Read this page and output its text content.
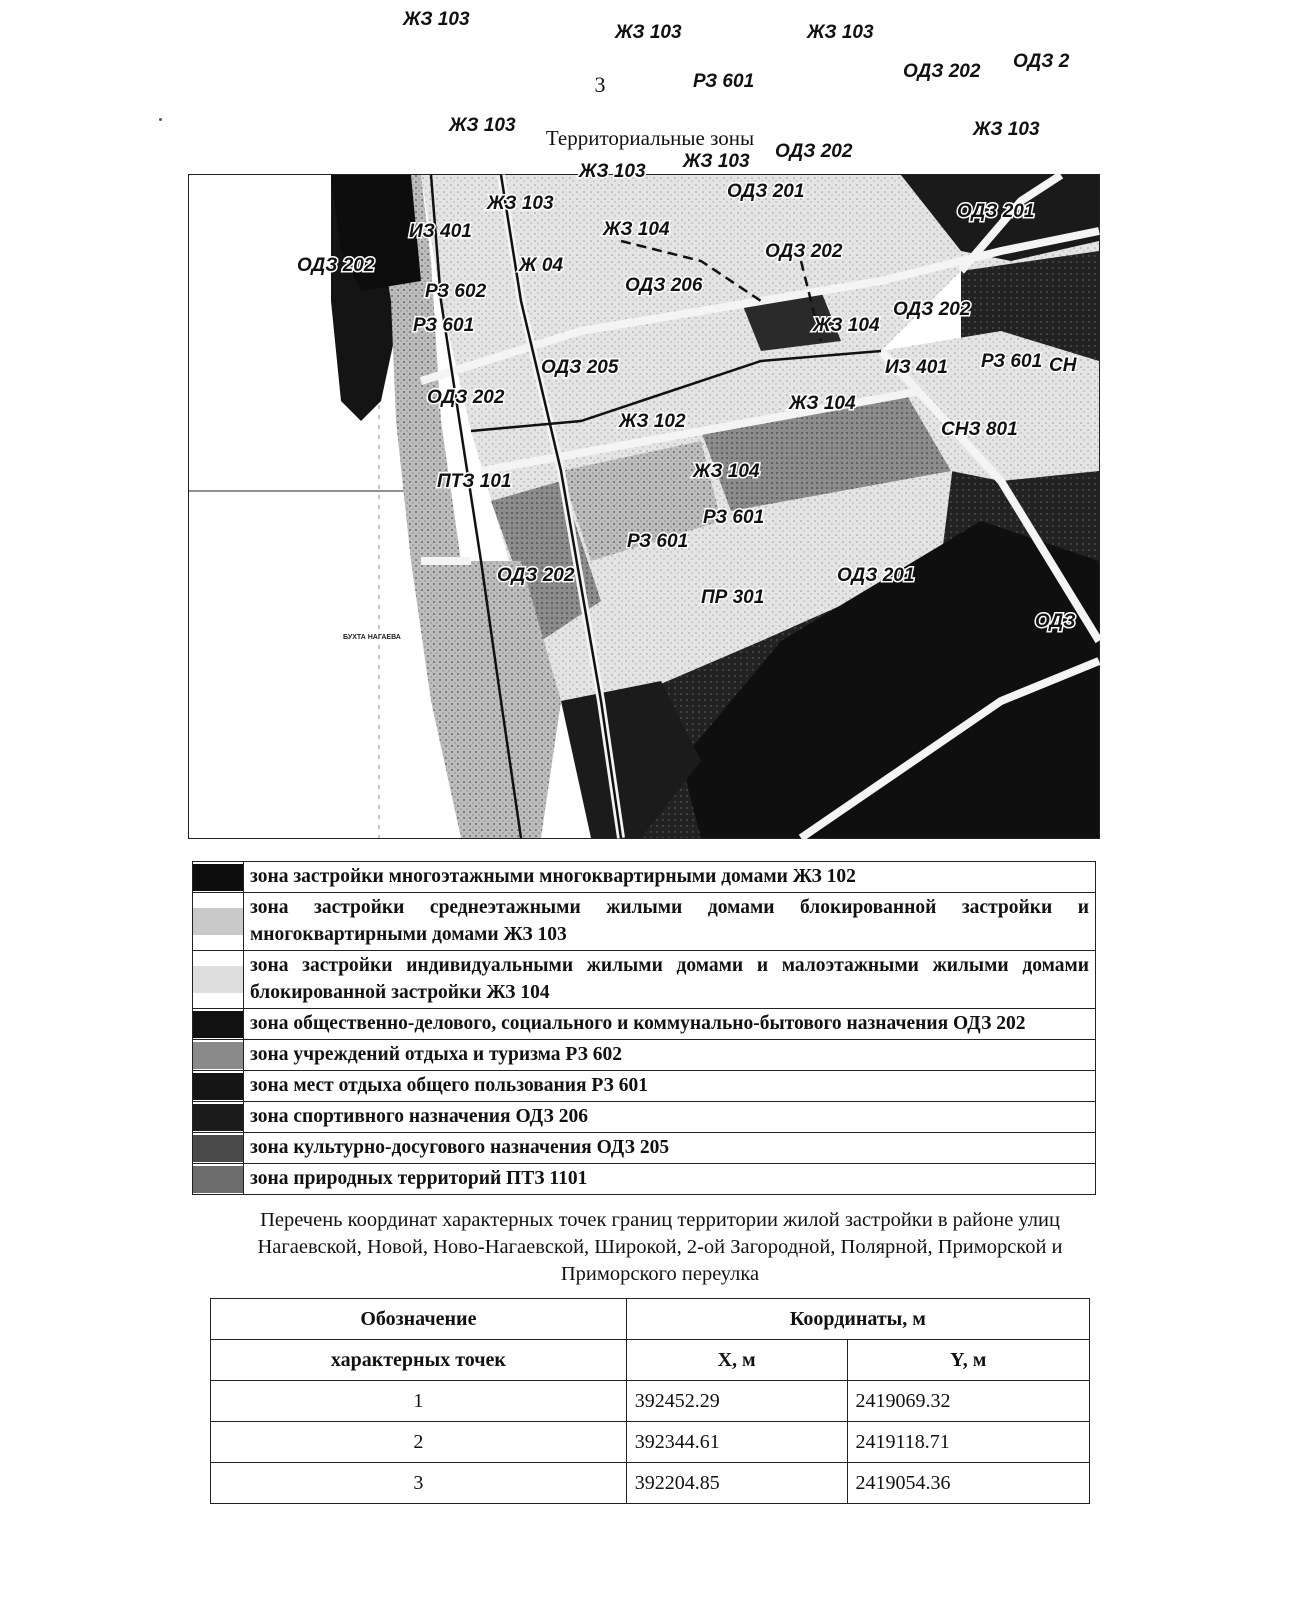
3
Территориальные зоны
ЖЗ 103
ЖЗ 103	ЖЗ 103
ОДЗ 202 ОДЗ 2
РЗ 601
ЖЗ 103	ЖЗ 103
ЖЗ 103 ОДЗ 202
ЖЗ 103
ОДЗ 201
ЖЗ 103	ОДЗ 201
ИЗ 401	ЖЗ 104
ОДЗ 202
ОДЗ 202	Ж 04
ОДЗ 206
РЗ 602
ОДЗ 202
РЗ 601	ЖЗ 104
ИЗ 401 РЗ 601 СН
ОДЗ 205
ОДЗ 202
ЖЗ 102
ЖЗ 104
СНЗ 801
ПТЗ 101	ЖЗ 104
РЗ 601
РЗ 601
ОДЗ 202	ОДЗ 201
ПР 301
ОДЗ
БУХТА НАГАЕВА
	зона застройки многоэтажными многоквартирными домами ЖЗ 102

	зона застройки среднеэтажными жилыми домами блокированной застройки и многоквартирными домами ЖЗ 103

	зона застройки индивидуальными жилыми домами и малоэтажными жилыми домами блокированной застройки ЖЗ 104

	зона общественно-делового, социального и коммунально-бытового назначения ОДЗ 202

	зона учреждений отдыха и туризма РЗ 602

	зона мест отдыха общего пользования РЗ 601

	зона спортивного назначения ОДЗ 206

	зона культурно-досугового назначения ОДЗ 205

	зона природных территорий ПТЗ 1101
Перечень координат характерных точек границ территории жилой застройки в районе улиц Нагаевской, Новой, Ново-Нагаевской, Широкой, 2-ой Загородной, Полярной, Приморской и Приморского переулка
Обозначение	Координаты, м	
характерных точек	X, м	Y, м
1	392452.29	2419069.32
2	392344.61	2419118.71
3	392204.85	2419054.36
